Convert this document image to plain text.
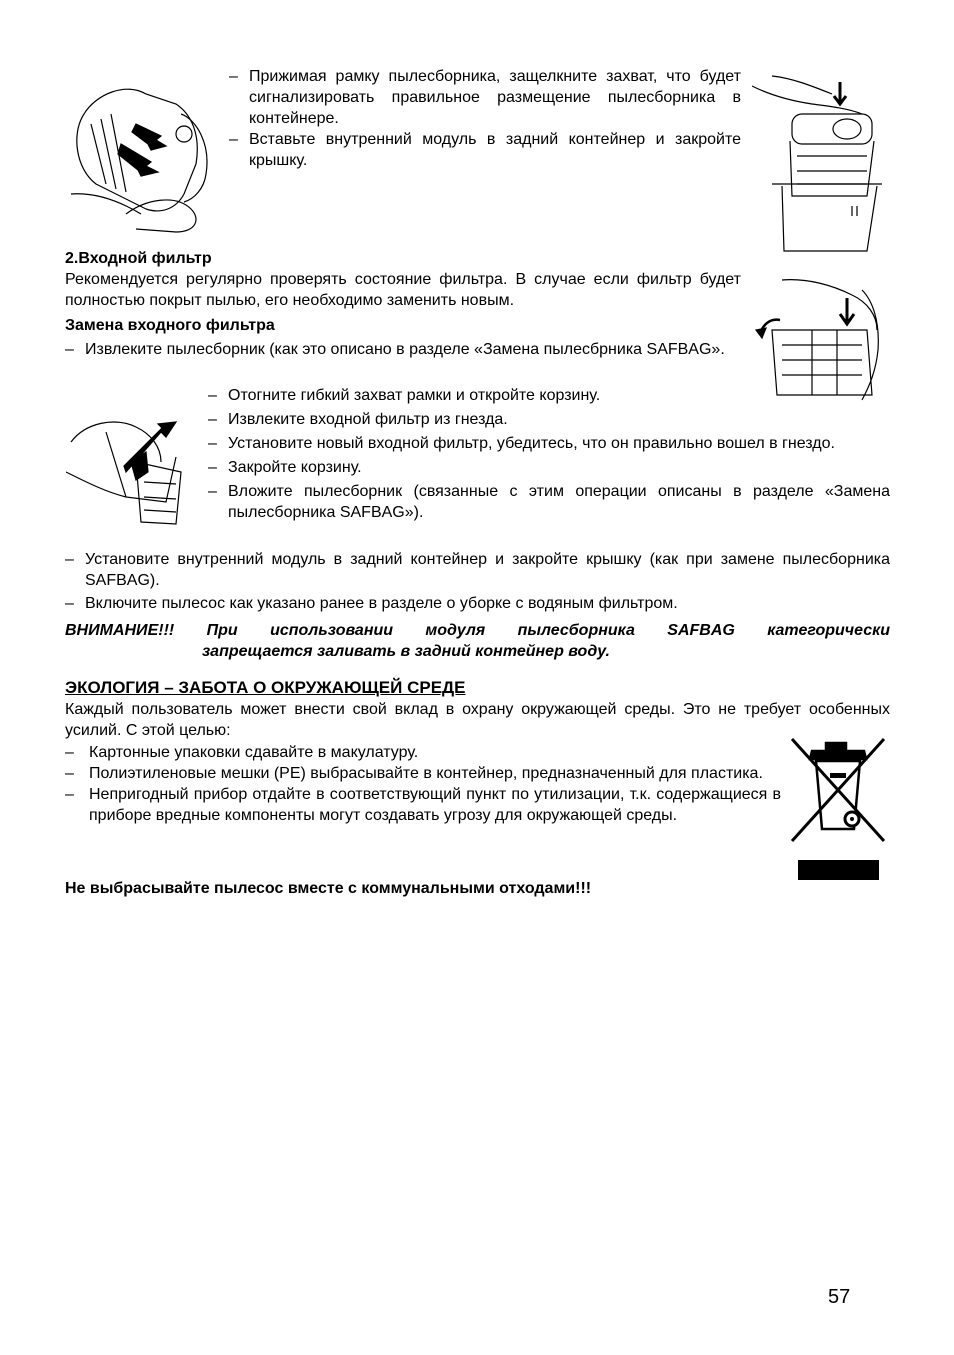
– Прижимая рамку пылесборника, защелкните захват, что будет сигнализировать правильное размещение пылесборника в контейнере.
– Вставьте внутренний модуль в задний контейнер и закройте крышку.
2.Входной фильтр
Рекомендуется регулярно проверять состояние фильтра. В случае если фильтр будет полностью покрыт пылью, его необходимо заменить новым.
Замена входного фильтра
– Извлеките пылесборник (как это описано в разделе «Замена пылесбрника SAFBAG».
– Отогните гибкий захват рамки и откройте корзину.
– Извлеките входной фильтр из гнезда.
– Установите новый входной фильтр, убедитесь, что он правильно вошел в гнездо.
– Закройте корзину.
– Вложите пылесборник (связанные с этим операции описаны в разделе «Замена пылесборника SAFBAG»).
– Установите внутренний модуль в задний контейнер и закройте крышку (как при замене пылесборника SAFBAG).
– Включите пылесос как указано ранее в разделе о уборке с водяным фильтром.
ВНИМАНИЕ!!! При использовании модуля пылесборника SAFBAG категорически
запрещается заливать в задний контейнер воду.
ЭКОЛОГИЯ – ЗАБОТА О ОКРУЖАЮЩЕЙ СРЕДЕ
Каждый пользователь может внести свой вклад в охрану окружающей среды. Это не требует особенных усилий. С этой целью:
– Картонные упаковки сдавайте в макулатуру.
– Полиэтиленовые мешки (PE) выбрасывайте в контейнер, предназначенный для пластика.
– Непригодный прибор отдайте в соответствующий пункт по утилизации, т.к. содержащиеся в приборе вредные компоненты могут создавать угрозу для окружающей среды.
Не выбрасывайте пылесос вместе с коммунальными отходами!!!
57
